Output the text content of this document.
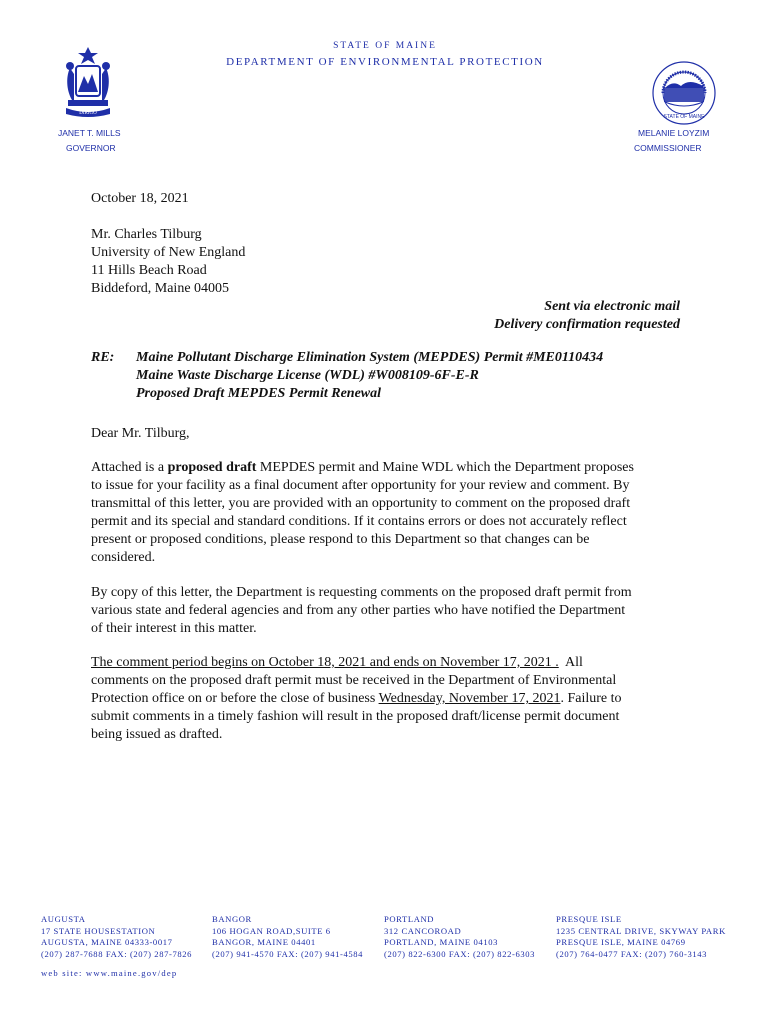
STATE OF MAINE
DEPARTMENT OF ENVIRONMENTAL PROTECTION
DIRIGO
STATE OF MAINE
JANET T. MILLS
GOVERNOR
MELANIE LOYZIM
COMMISSIONER
October 18, 2021
Mr. Charles Tilburg
University of New England
11 Hills Beach Road
Biddeford, Maine 04005
Sent via electronic mail
Delivery confirmation requested
RE: Maine Pollutant Discharge Elimination System (MEPDES) Permit #ME0110434
Maine Waste Discharge License (WDL) #W008109-6F-E-R
Proposed Draft MEPDES Permit Renewal
Dear Mr. Tilburg,
Attached is a proposed draft MEPDES permit and Maine WDL which the Department proposes
to issue for your facility as a final document after opportunity for your review and comment. By
transmittal of this letter, you are provided with an opportunity to comment on the proposed draft
permit and its special and standard conditions. If it contains errors or does not accurately reflect
present or proposed conditions, please respond to this Department so that changes can be
considered.
By copy of this letter, the Department is requesting comments on the proposed draft permit from
various state and federal agencies and from any other parties who have notified the Department
of their interest in this matter.
The comment period begins on October 18, 2021 and ends on November 17, 2021 .  All
comments on the proposed draft permit must be received in the Department of Environmental
Protection office on or before the close of business Wednesday, November 17, 2021. Failure to
submit comments in a timely fashion will result in the proposed draft/license permit document
being issued as drafted.
AUGUSTA
17 STATE HOUSESTATION
AUGUSTA, MAINE 04333-0017
(207) 287-7688 FAX: (207) 287-7826
BANGOR
106 HOGAN ROAD,SUITE 6
BANGOR, MAINE 04401
(207) 941-4570 FAX: (207) 941-4584
PORTLAND
312 CANCOROAD
PORTLAND, MAINE 04103
(207) 822-6300 FAX: (207) 822-6303
PRESQUE ISLE
1235 CENTRAL DRIVE, SKYWAY PARK
PRESQUE ISLE, MAINE 04769
(207) 764-0477 FAX: (207) 760-3143
web site: www.maine.gov/dep
